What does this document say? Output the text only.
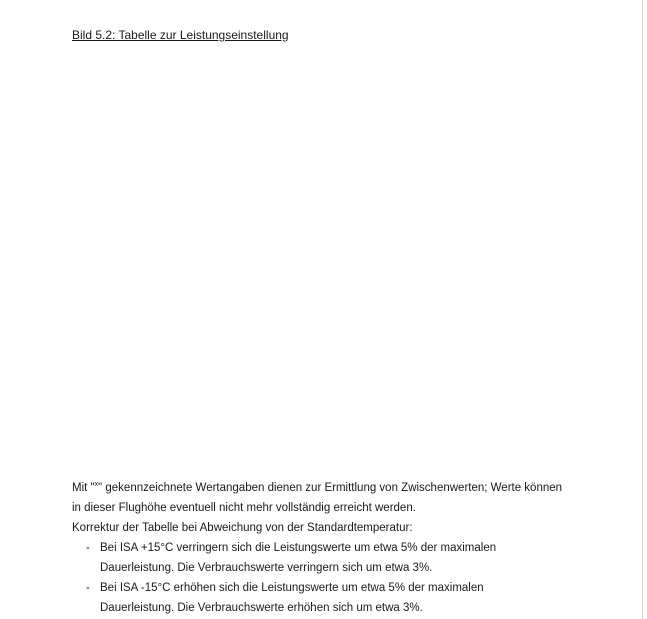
Bild 5.2: Tabelle zur Leistungseinstellung

Mit "$^x$" gekennzeichnete Wertangaben dienen zur Ermittlung von Zwischenwerten; Werte können

in dieser Flughöhe eventuell nicht mehr vollständig erreicht werden.

Korrektur der Tabelle bei Abweichung von der Standardtemperatur:

- Bei ISA +15°C verringern sich die Leistungswerte um etwa 5% der maximalen

Dauerleistung. Die Verbrauchswerte verringern sich um etwa 3%.

- Bei ISA -15°C erhöhen sich die Leistungswerte um etwa 5% der maximalen

Dauerleistung. Die Verbrauchswerte erhöhen sich um etwa 3%.
